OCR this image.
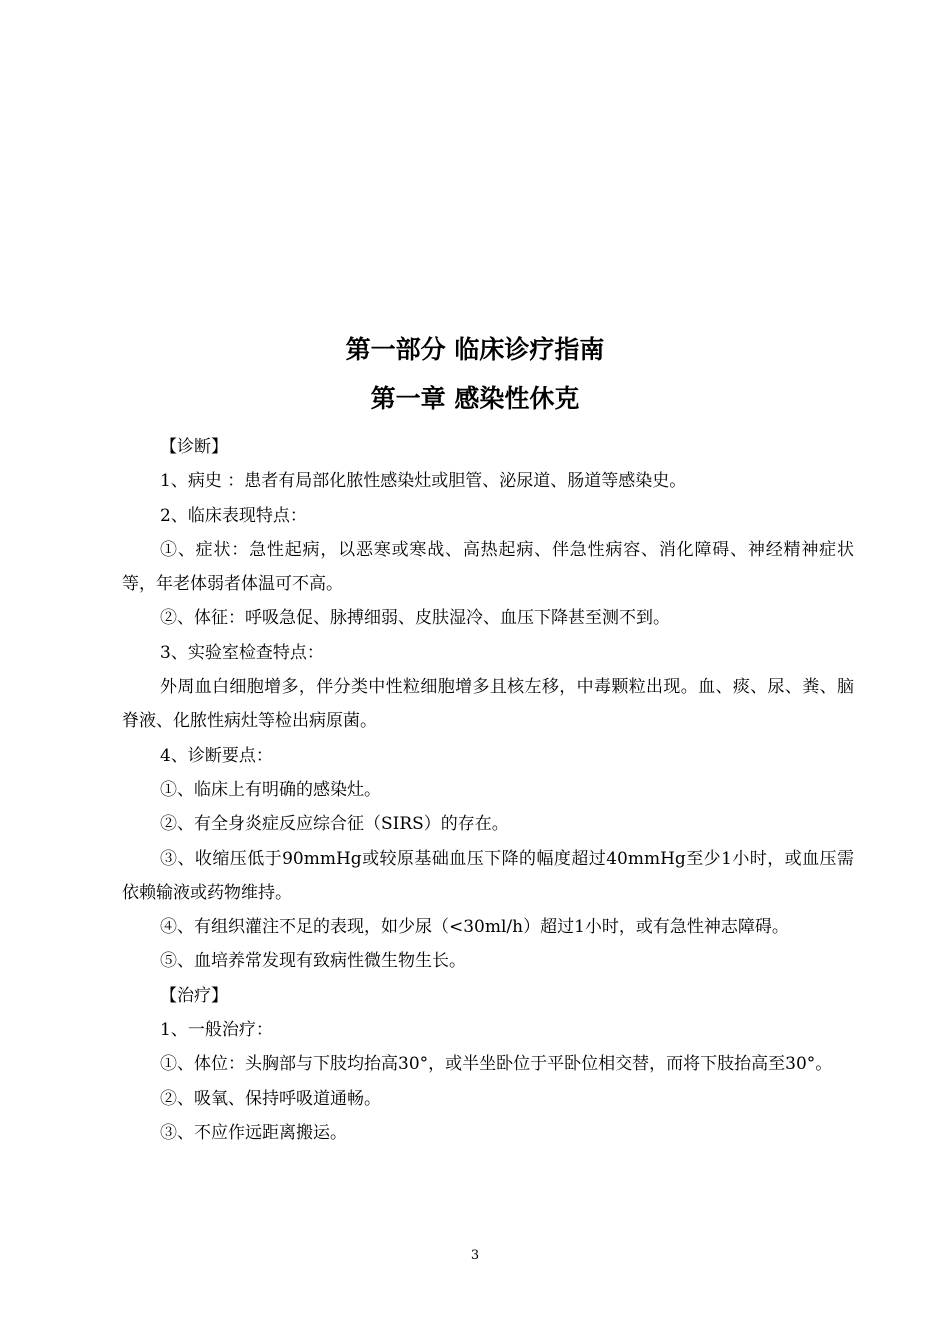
第一部分 临床诊疗指南
第一章 感染性休克

【诊断】

1、病史 ：患者有局部化脓性感染灶或胆管、泌尿道、肠道等感染史。

2、临床表现特点：

①、症状：急性起病，以恶寒或寒战、高热起病、伴急性病容、消化障碍、神经精神症状等，年老体弱者体温可不高。

②、体征：呼吸急促、脉搏细弱、皮肤湿冷、血压下降甚至测不到。

3、实验室检查特点：

外周血白细胞增多，伴分类中性粒细胞增多且核左移，中毒颗粒出现。血、痰、尿、粪、脑脊液、化脓性病灶等检出病原菌。

4、诊断要点：

①、临床上有明确的感染灶。

②、有全身炎症反应综合征（SIRS）的存在。

③、收缩压低于90mmHg或较原基础血压下降的幅度超过40mmHg至少1小时，或血压需依赖输液或药物维持。

④、有组织灌注不足的表现，如少尿（<30ml/h）超过1小时，或有急性神志障碍。

⑤、血培养常发现有致病性微生物生长。

【治疗】

1、一般治疗：

①、体位：头胸部与下肢均抬高30°，或半坐卧位于平卧位相交替，而将下肢抬高至30°。

②、吸氧、保持呼吸道通畅。

③、不应作远距离搬运。

3
